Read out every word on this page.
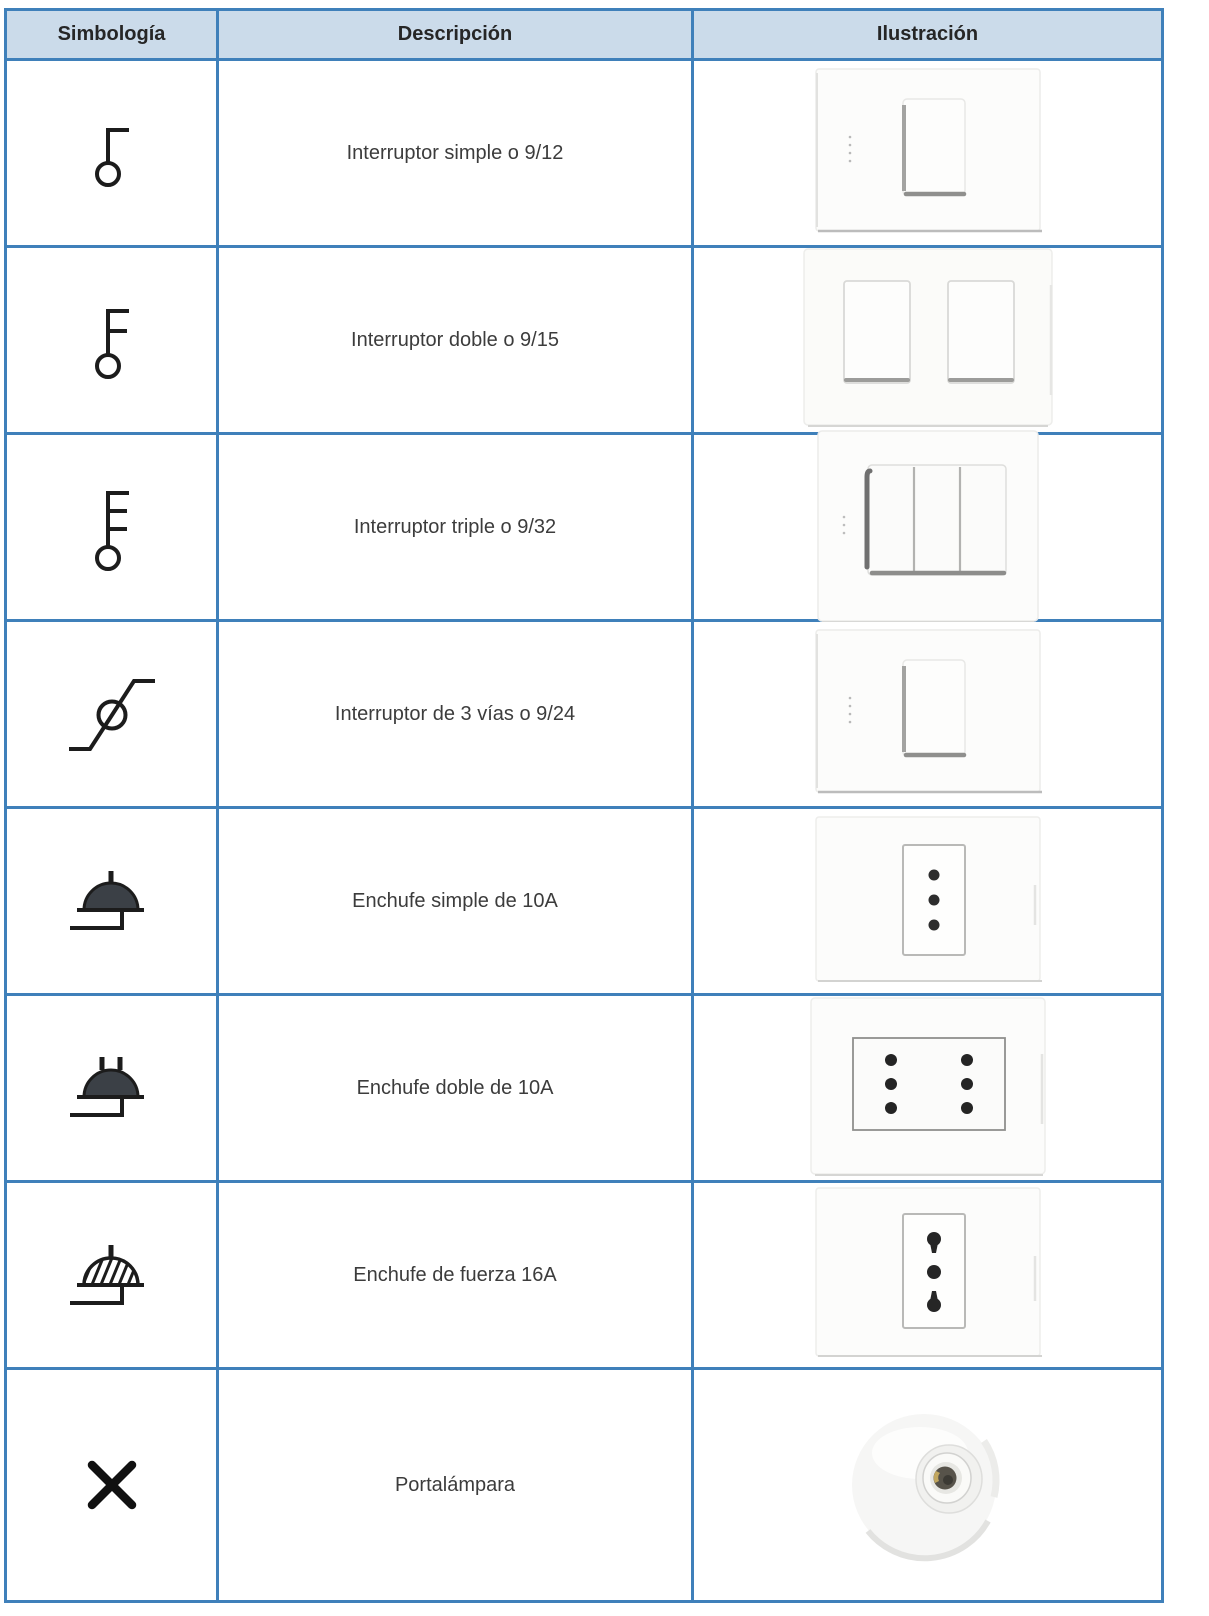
Simbología	Descripción	Ilustración
Interruptor simple o 9/12
Interruptor doble o 9/15
Interruptor triple o 9/32
Interruptor de 3 vías o 9/24
Enchufe simple de 10A
Enchufe doble de 10A
Enchufe de fuerza 16A
Portalámpara
